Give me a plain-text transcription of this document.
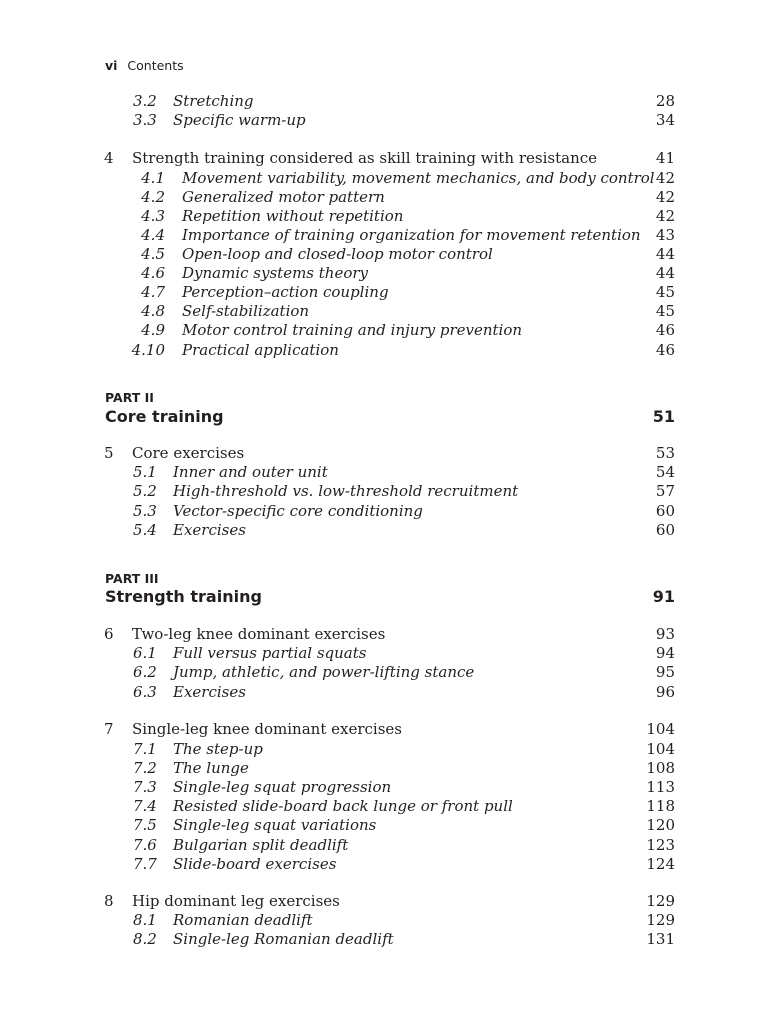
vi Contents
3.2 Stretching	28
3.3 Specific warm-up	34
4 Strength training considered as skill training with resistance	41
4.1 Movement variability, movement mechanics, and body control 42
4.2 Generalized motor pattern	42
4.3 Repetition without repetition	42
4.4 Importance of training organization for movement retention 43
4.5 Open-loop and closed-loop motor control	44
4.6 Dynamic systems theory	44
4.7 Perception–action coupling	45
4.8 Self-stabilization	45
4.9 Motor control training and injury prevention	46
4.10 Practical application	46
PART II
Core training	51
5 Core exercises	53
5.1 Inner and outer unit	54
5.2 High-threshold vs. low-threshold recruitment	57
5.3 Vector-specific core conditioning	60
5.4 Exercises	60
PART III
Strength training	91
6 Two-leg knee dominant exercises	93
6.1 Full versus partial squats	94
6.2 Jump, athletic, and power-lifting stance	95
6.3 Exercises	96
7 Single-leg knee dominant exercises	104
7.1 The step-up	104
7.2 The lunge	108
7.3 Single-leg squat progression	113
7.4 Resisted slide-board back lunge or front pull	118
7.5 Single-leg squat variations	120
7.6 Bulgarian split deadlift	123
7.7 Slide-board exercises	124
8 Hip dominant leg exercises	129
8.1 Romanian deadlift	129
8.2 Single-leg Romanian deadlift	131
